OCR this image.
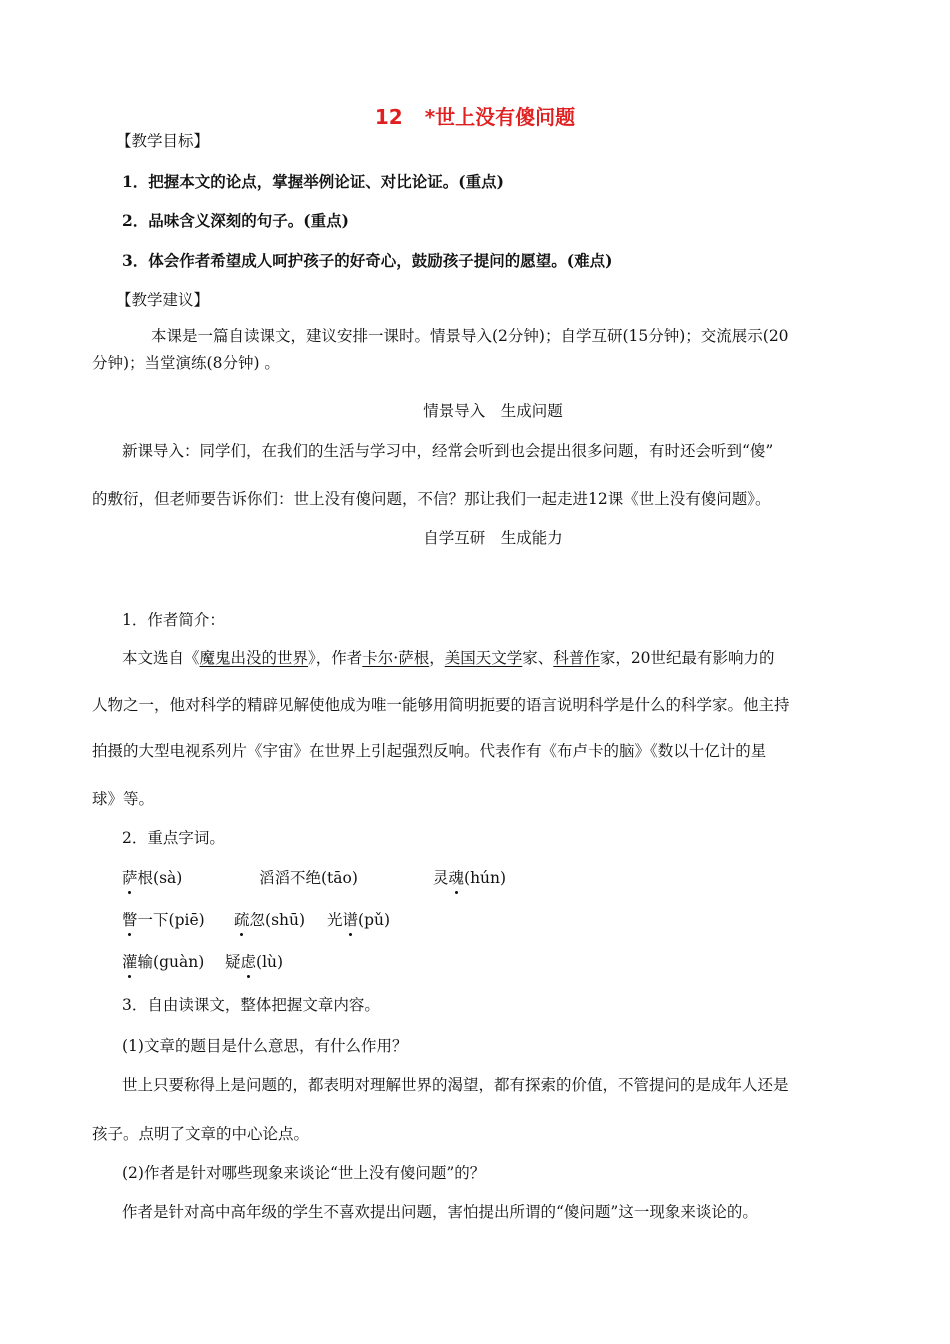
12 *世上没有傻问题
【教学目标】
1．把握本文的论点，掌握举例论证、对比论证。(重点)
2．品味含义深刻的句子。(重点)
3．体会作者希望成人呵护孩子的好奇心，鼓励孩子提问的愿望。(难点)
【教学建议】
本课是一篇自读课文，建议安排一课时。情景导入(2分钟)；自学互研(15分钟)；交流展示(20
分钟)；当堂演练(8分钟) 。
情景导入　生成问题
新课导入：同学们，在我们的生活与学习中，经常会听到也会提出很多问题，有时还会听到“傻”
的敷衍，但老师要告诉你们：世上没有傻问题，不信？那让我们一起走进12课《世上没有傻问题》。
自学互研　生成能力
1．作者简介：
本文选自《魔鬼出没的世界》，作者卡尔·萨根，美国天文学家、科普作家，20世纪最有影响力的
人物之一，他对科学的精辟见解使他成为唯一能够用简明扼要的语言说明科学是什么的科学家。他主持
拍摄的大型电视系列片《宇宙》在世界上引起强烈反响。代表作有《布卢卡的脑》《数以十亿计的星
球》等。
2．重点字词。
萨根(sà)	滔滔不绝(tāo)	灵魂(hún)
瞥一下(piē) 疏忽(shū) 光谱(pǔ)
灌输(guàn) 疑虑(lù)
3．自由读课文，整体把握文章内容。
(1)文章的题目是什么意思，有什么作用？
世上只要称得上是问题的，都表明对理解世界的渴望，都有探索的价值，不管提问的是成年人还是
孩子。点明了文章的中心论点。
(2)作者是针对哪些现象来谈论“世上没有傻问题”的？
作者是针对高中高年级的学生不喜欢提出问题，害怕提出所谓的“傻问题”这一现象来谈论的。
